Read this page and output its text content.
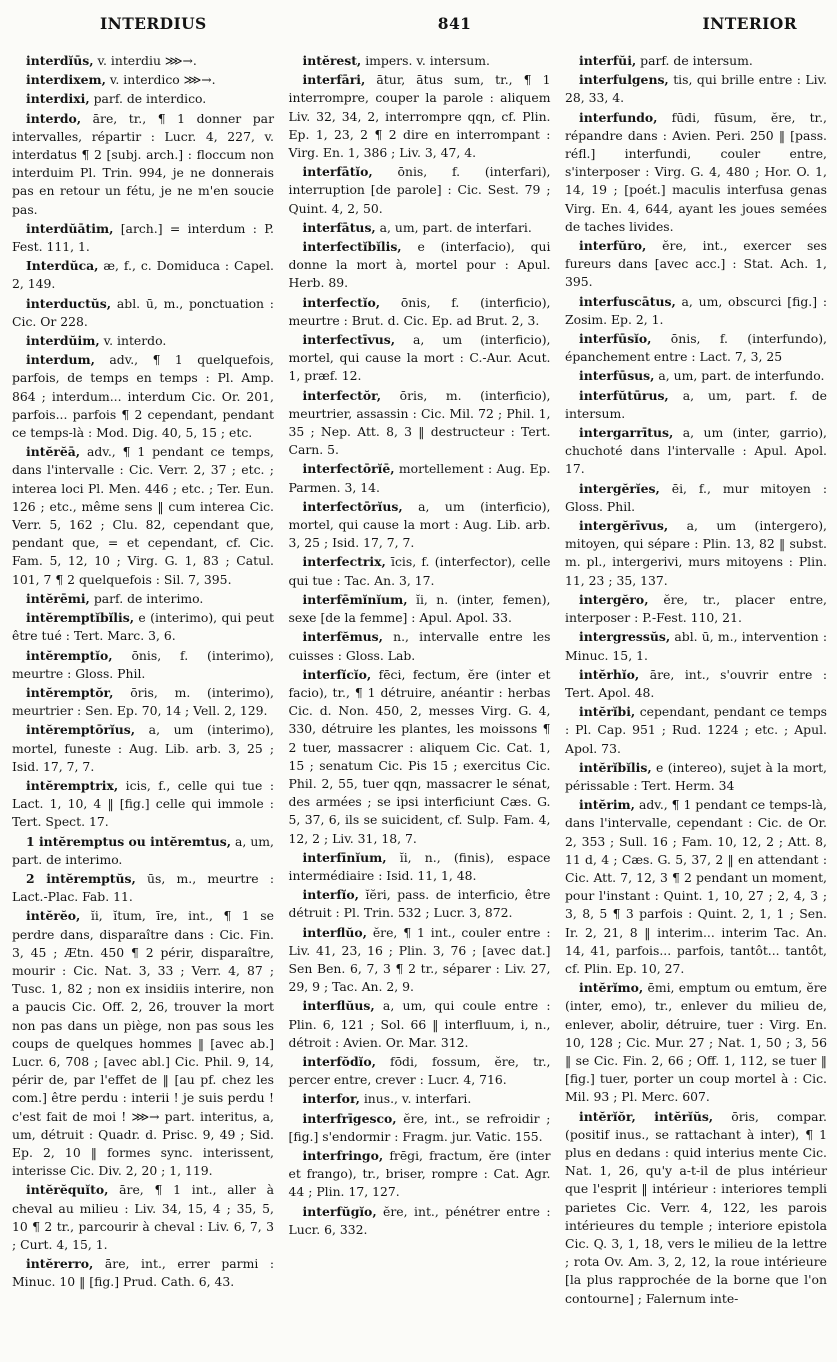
INTERDIUS	841	INTERIOR
interdĭūs, v. interdiu ⋙→.
interdixem, v. interdico ⋙→.
interdixi, parf. de interdico.
interdo, āre, tr., ¶ 1 donner par intervalles, répartir : Lucr. 4, 227, v. interdatus ¶ 2 [subj. arch.] : floccum non interduim Pl. Trin. 994, je ne donnerais pas en retour un fétu, je ne m'en soucie pas.
interdŭātim, [arch.] = interdum : P. Fest. 111, 1.
Interdŭca, æ, f., c. Domiduca : Capel. 2, 149.
interductŭs, abl. ū, m., ponctuation : Cic. Or 228.
interdŭim, v. interdo.
interdum, adv., ¶ 1 quelquefois, parfois, de temps en temps : Pl. Amp. 864 ; interdum... interdum Cic. Or. 201, parfois... parfois ¶ 2 cependant, pendant ce temps-là : Mod. Dig. 40, 5, 15 ; etc.
intĕrĕā, adv., ¶ 1 pendant ce temps, dans l'intervalle : Cic. Verr. 2, 37 ; etc. ; interea loci Pl. Men. 446 ; etc. ; Ter. Eun. 126 ; etc., même sens ‖ cum interea Cic. Verr. 5, 162 ; Clu. 82, cependant que, pendant que, = et cependant, cf. Cic. Fam. 5, 12, 10 ; Virg. G. 1, 83 ; Catul. 101, 7 ¶ 2 quelquefois : Sil. 7, 395.
intĕrēmi, parf. de interimo.
intĕremptĭbĭlis, e (interimo), qui peut être tué : Tert. Marc. 3, 6.
intĕremptĭo, ōnis, f. (interimo), meurtre : Gloss. Phil.
intĕremptŏr, ōris, m. (interimo), meurtrier : Sen. Ep. 70, 14 ; Vell. 2, 129.
intĕremptōrĭus, a, um (interimo), mortel, funeste : Aug. Lib. arb. 3, 25 ; Isid. 17, 7, 7.
intĕremptrix, icis, f., celle qui tue : Lact. 1, 10, 4 ‖ [fig.] celle qui immole : Tert. Spect. 17.
1 intĕremptus ou intĕremtus, a, um, part. de interimo.
2 intĕremptŭs, ūs, m., meurtre : Lact.-Plac. Fab. 11.
intĕrĕo, ĭi, ĭtum, īre, int., ¶ 1 se perdre dans, disparaître dans : Cic. Fin. 3, 45 ; Ætn. 450 ¶ 2 périr, disparaître, mourir : Cic. Nat. 3, 33 ; Verr. 4, 87 ; Tusc. 1, 82 ; non ex insidiis interire, non a paucis Cic. Off. 2, 26, trouver la mort non pas dans un piège, non pas sous les coups de quelques hommes ‖ [avec ab.] Lucr. 6, 708 ; [avec abl.] Cic. Phil. 9, 14, périr de, par l'effet de ‖ [au pf. chez les com.] être perdu : interii ! je suis perdu ! c'est fait de moi ! ⋙→ part. interitus, a, um, détruit : Quadr. d. Prisc. 9, 49 ; Sid. Ep. 2, 10 ‖ formes sync. interissent, interisse Cic. Div. 2, 20 ; 1, 119.
intĕrĕquĭto, āre, ¶ 1 int., aller à cheval au milieu : Liv. 34, 15, 4 ; 35, 5, 10 ¶ 2 tr., parcourir à cheval : Liv. 6, 7, 3 ; Curt. 4, 15, 1.
intĕrerro, āre, int., errer parmi : Minuc. 10 ‖ [fig.] Prud. Cath. 6, 43.
intĕrest, impers. v. intersum.
interfāri, ātur, ātus sum, tr., ¶ 1 interrompre, couper la parole : aliquem Liv. 32, 34, 2, interrompre qqn, cf. Plin. Ep. 1, 23, 2 ¶ 2 dire en interrompant : Virg. En. 1, 386 ; Liv. 3, 47, 4.
interfātĭo, ōnis, f. (interfari), interruption [de parole] : Cic. Sest. 79 ; Quint. 4, 2, 50.
interfātus, a, um, part. de interfari.
interfectĭbĭlis, e (interfacio), qui donne la mort à, mortel pour : Apul. Herb. 89.
interfectĭo, ōnis, f. (interficio), meurtre : Brut. d. Cic. Ep. ad Brut. 2, 3.
interfectīvus, a, um (interficio), mortel, qui cause la mort : C.-Aur. Acut. 1, præf. 12.
interfectŏr, ōris, m. (interficio), meurtrier, assassin : Cic. Mil. 72 ; Phil. 1, 35 ; Nep. Att. 8, 3 ‖ destructeur : Tert. Carn. 5.
interfectōrĭē, mortellement : Aug. Ep. Parmen. 3, 14.
interfectōrĭus, a, um (interficio), mortel, qui cause la mort : Aug. Lib. arb. 3, 25 ; Isid. 17, 7, 7.
interfectrix, īcis, f. (interfector), celle qui tue : Tac. An. 3, 17.
interfēmĭnĭum, ĭi, n. (inter, femen), sexe [de la femme] : Apul. Apol. 33.
interfĕmus, n., intervalle entre les cuisses : Gloss. Lab.
interfĭcĭo, fēci, fectum, ĕre (inter et facio), tr., ¶ 1 détruire, anéantir : herbas Cic. d. Non. 450, 2, messes Virg. G. 4, 330, détruire les plantes, les moissons ¶ 2 tuer, massacrer : aliquem Cic. Cat. 1, 15 ; senatum Cic. Pis 15 ; exercitus Cic. Phil. 2, 55, tuer qqn, massacrer le sénat, des armées ; se ipsi interficiunt Cæs. G. 5, 37, 6, ils se suicident, cf. Sulp. Fam. 4, 12, 2 ; Liv. 31, 18, 7.
interfīnĭum, ĭi, n., (finis), espace intermédiaire : Isid. 11, 1, 48.
interfĭo, ĭĕri, pass. de interficio, être détruit : Pl. Trin. 532 ; Lucr. 3, 872.
interflŭo, ĕre, ¶ 1 int., couler entre : Liv. 41, 23, 16 ; Plin. 3, 76 ; [avec dat.] Sen Ben. 6, 7, 3 ¶ 2 tr., séparer : Liv. 27, 29, 9 ; Tac. An. 2, 9.
interflŭus, a, um, qui coule entre : Plin. 6, 121 ; Sol. 66 ‖ interfluum, i, n., détroit : Avien. Or. Mar. 312.
interfŏdĭo, fōdi, fossum, ĕre, tr., percer entre, crever : Lucr. 4, 716.
interfor, inus., v. interfari.
interfrīgesco, ĕre, int., se refroidir ; [fig.] s'endormir : Fragm. jur. Vatic. 155.
interfringo, frēgi, fractum, ĕre (inter et frango), tr., briser, rompre : Cat. Agr. 44 ; Plin. 17, 127.
interfŭgĭo, ĕre, int., pénétrer entre : Lucr. 6, 332.
interfŭi, parf. de intersum.
interfulgens, tis, qui brille entre : Liv. 28, 33, 4.
interfundo, fūdi, fūsum, ĕre, tr., répandre dans : Avien. Peri. 250 ‖ [pass. réfl.] interfundi, couler entre, s'interposer : Virg. G. 4, 480 ; Hor. O. 1, 14, 19 ; [poét.] maculis interfusa genas Virg. En. 4, 644, ayant les joues semées de taches livides.
interfŭro, ĕre, int., exercer ses fureurs dans [avec acc.] : Stat. Ach. 1, 395.
interfuscātus, a, um, obscurci [fig.] : Zosim. Ep. 2, 1.
interfūsĭo, ōnis, f. (interfundo), épanchement entre : Lact. 7, 3, 25
interfūsus, a, um, part. de interfundo.
interfŭtūrus, a, um, part. f. de intersum.
intergarrītus, a, um (inter, garrio), chuchoté dans l'intervalle : Apul. Apol. 17.
intergĕrĭes, ēi, f., mur mitoyen : Gloss. Phil.
intergĕrīvus, a, um (intergero), mitoyen, qui sépare : Plin. 13, 82 ‖ subst. m. pl., intergerivi, murs mitoyens : Plin. 11, 23 ; 35, 137.
intergĕro, ĕre, tr., placer entre, interposer : P.-Fest. 110, 21.
intergressŭs, abl. ū, m., intervention : Minuc. 15, 1.
intĕrhĭo, āre, int., s'ouvrir entre : Tert. Apol. 48.
intĕrĭbi, cependant, pendant ce temps : Pl. Cap. 951 ; Rud. 1224 ; etc. ; Apul. Apol. 73.
intĕrĭbĭlis, e (intereo), sujet à la mort, périssable : Tert. Herm. 34
intĕrim, adv., ¶ 1 pendant ce temps-là, dans l'intervalle, cependant : Cic. de Or. 2, 353 ; Sull. 16 ; Fam. 10, 12, 2 ; Att. 8, 11 d, 4 ; Cæs. G. 5, 37, 2 ‖ en attendant : Cic. Att. 7, 12, 3 ¶ 2 pendant un moment, pour l'instant : Quint. 1, 10, 27 ; 2, 4, 3 ; 3, 8, 5 ¶ 3 parfois : Quint. 2, 1, 1 ; Sen. Ir. 2, 21, 8 ‖ interim... interim Tac. An. 14, 41, parfois... parfois, tantôt... tantôt, cf. Plin. Ep. 10, 27.
intĕrĭmo, ēmi, emptum ou emtum, ĕre (inter, emo), tr., enlever du milieu de, enlever, abolir, détruire, tuer : Virg. En. 10, 128 ; Cic. Mur. 27 ; Nat. 1, 50 ; 3, 56 ‖ se Cic. Fin. 2, 66 ; Off. 1, 112, se tuer ‖ [fig.] tuer, porter un coup mortel à : Cic. Mil. 93 ; Pl. Merc. 607.
intĕrĭŏr, intĕrĭŭs, ōris, compar. (positif inus., se rattachant à inter), ¶ 1 plus en dedans : quid interius mente Cic. Nat. 1, 26, qu'y a-t-il de plus intérieur que l'esprit ‖ intérieur : interiores templi parietes Cic. Verr. 4, 122, les parois intérieures du temple ; interiore epistola Cic. Q. 3, 1, 18, vers le milieu de la lettre ; rota Ov. Am. 3, 2, 12, la roue intérieure [la plus rapprochée de la borne que l'on contourne] ; Falernum inte-
